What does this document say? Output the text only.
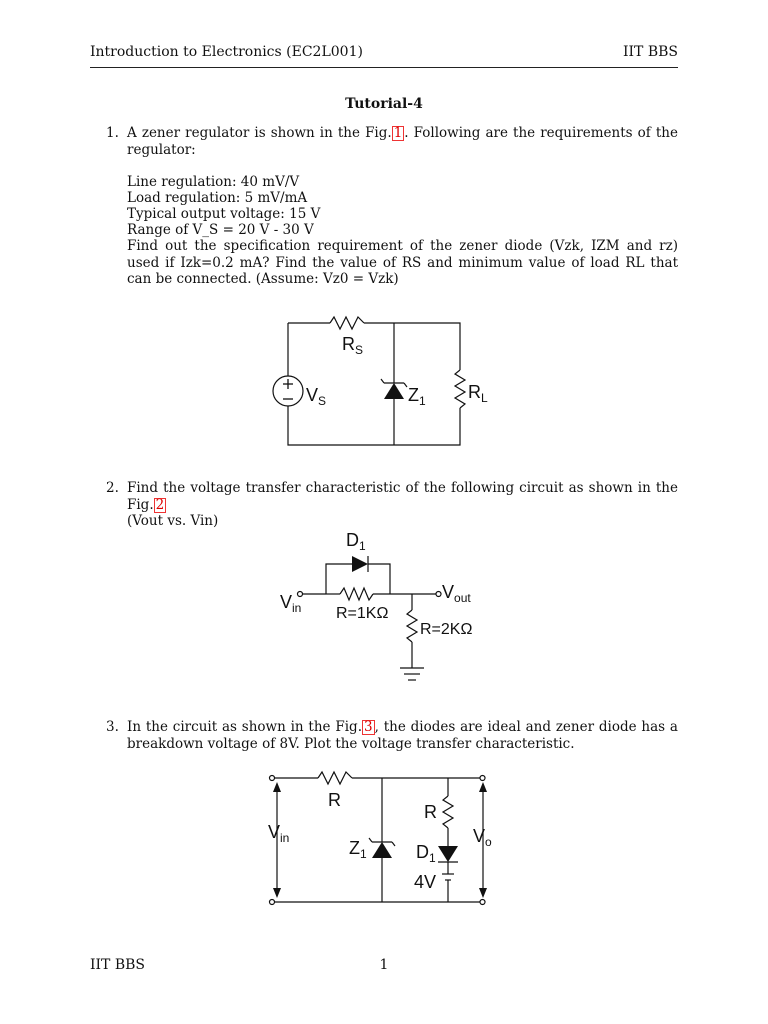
Introduction to Electronics (EC2L001)	IIT BBS
Tutorial-4
1. A zener regulator is shown in the Fig. 1 . Following are the requirements of the regulator:

Line regulation: 40 mV/V
Load regulation: 5 mV/mA
Typical output voltage: 15 V
Range of V_S = 20 V - 30 V

Find out the specification requirement of the zener diode (Vzk, IZM and rz) used if Izk=0.2 mA? Find the value of RS and minimum value of load RL that can be connected. (Assume: Vz0 = Vzk)

$R_S$
$V_S$	$Z_1$ $R_L$
2. Find the voltage transfer characteristic of the following circuit as shown in the Fig. 2
(Vout vs. Vin)

$D_1$
$V_{in}$
$V_{out}$
R=1KΩ
R=2KΩ
3. In the circuit as shown in the Fig. 3 , the diodes are ideal and zener diode has a breakdown voltage of 8V. Plot the voltage transfer characteristic.

R
R
$V_{in}$	$Z_1$	$D_1$
4V
$V_o$
IIT BBS	1
